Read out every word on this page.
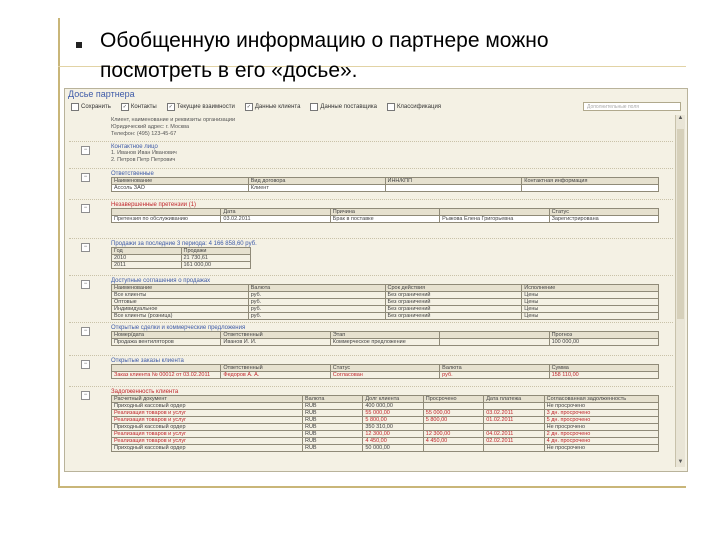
Обобщенную информацию о партнере можно посмотреть в его «досье».
Досье партнера
Сохранить	✓ Контакты	✓ Текущие взаимности	✓ Данные клиента	Данные поставщика	Классификация	Дополнительные поля
▲
▼
Клиент, наименование и реквизиты организации
Юридический адрес: г. Москва
Телефон: (495) 123-45-67
−	Контактное лицо
1. Иванов Иван Иванович
2. Петров Петр Петрович
−	Ответственные
Наименование	Вид договора	ИНН/КПП	Контактная информация
Ассоль ЗАО	Клиент		
−	Незавершенные претензии (1)
	Дата	Причина		Статус
Претензия по обслуживанию	03.02.2011	Брак в поставке	Рыжова Елена Григорьевна	Зарегистрирована
−	Продажи за последние 3 периода: 4 166 858,60 руб.
Год	Продажи
2010	21 730,61
2011	161 000,00
−	Доступные соглашения о продажах
Наименование	Валюта	Срок действия	Исполнение
Все клиенты	руб.	Без ограничений	Цены
Оптовые	руб.	Без ограничений	Цены
Индивидуальное	руб.	Без ограничений	Цены
Все клиенты (розница)	руб.	Без ограничений	Цены
−	Открытые сделки и коммерческие предложения
Номер/дата	Ответственный	Этап		Прогноз
Продажа вентиляторов	Иванов И. И.	Коммерческое предложение		100 000,00
−	Открытые заказы клиента
	Ответственный	Статус	Валюта	Сумма
Заказ клиента № 00012 от 03.02.2011	Федоров А. А.	Согласован	руб.	158 110,00
−	Задолженность клиента
Расчетный документ	Валюта	Долг клиента	Просрочено	Дата платежа	Согласованная задолженность
Приходный кассовый ордер	RUB	400 000,00			Не просрочено
Реализация товаров и услуг	RUB	55 000,00	55 000,00	03.02.2011	3 дн. просрочено
Реализация товаров и услуг	RUB	5 800,00	5 800,00	01.02.2011	5 дн. просрочено
Приходный кассовый ордер	RUB	350 310,00			Не просрочено
Реализация товаров и услуг	RUB	12 300,00	12 300,00	04.02.2011	2 дн. просрочено
Реализация товаров и услуг	RUB	4 450,00	4 450,00	02.02.2011	4 дн. просрочено
Приходный кассовый ордер	RUB	50 000,00			Не просрочено
